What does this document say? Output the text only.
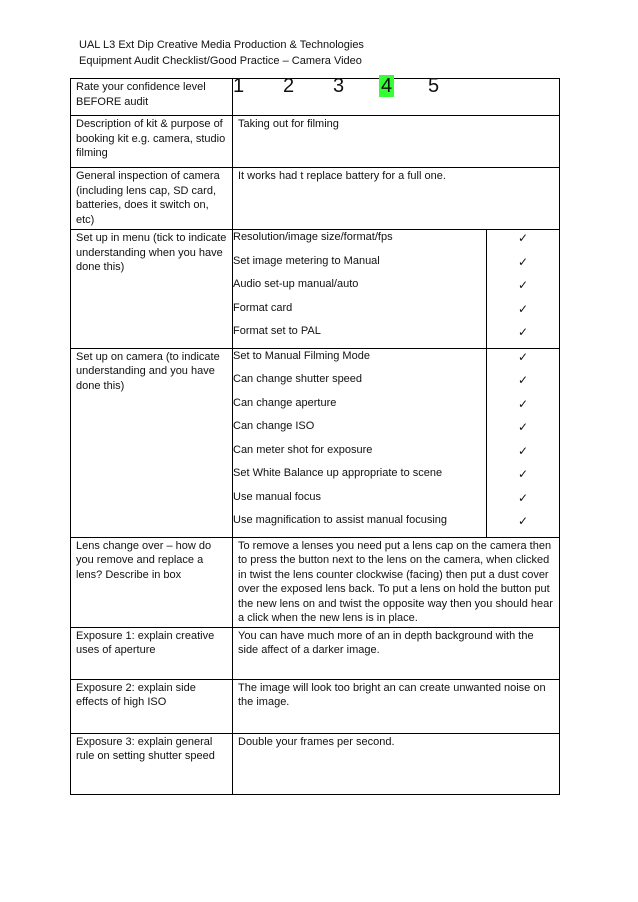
UAL L3 Ext Dip Creative Media Production & Technologies
Equipment Audit Checklist/Good Practice – Camera Video
Rate your confidence level BEFORE audit	
1	2	3	4	5

Description of kit & purpose of booking kit e.g. camera, studio filming	Taking out for filming
General inspection of camera (including lens cap, SD card, batteries, does it switch on, etc)	It works had t replace battery for a full one.
Set up in menu (tick to indicate understanding when you have done this)	
Resolution/image size/format/fps	✓
Set image metering to Manual	✓
Audio set-up manual/auto	✓
Format card	✓
Format set to PAL	✓

Set up on camera (to indicate understanding and you have done this)	
Set to Manual Filming Mode	✓
Can change shutter speed	✓
Can change aperture	✓
Can change ISO	✓
Can meter shot for exposure	✓
Set White Balance up appropriate to scene	✓
Use manual focus	✓
Use magnification to assist manual focusing	✓

Lens change over – how do you remove and replace a lens? Describe in box	To remove a lenses you need put a lens cap on the camera then to press the button next to the lens on the camera, when clicked in twist the lens counter clockwise (facing) then put a dust cover over the exposed lens back. To put a lens on hold the button put the new lens on and twist the opposite way then you should hear a click when the new lens is in place.
Exposure 1: explain creative uses of aperture	You can have much more of an in depth background with the side affect of a darker image.
Exposure 2: explain side effects of high ISO	The image will look too bright an can create unwanted noise on the image.
Exposure 3: explain general rule on setting shutter speed	Double your frames per second.
